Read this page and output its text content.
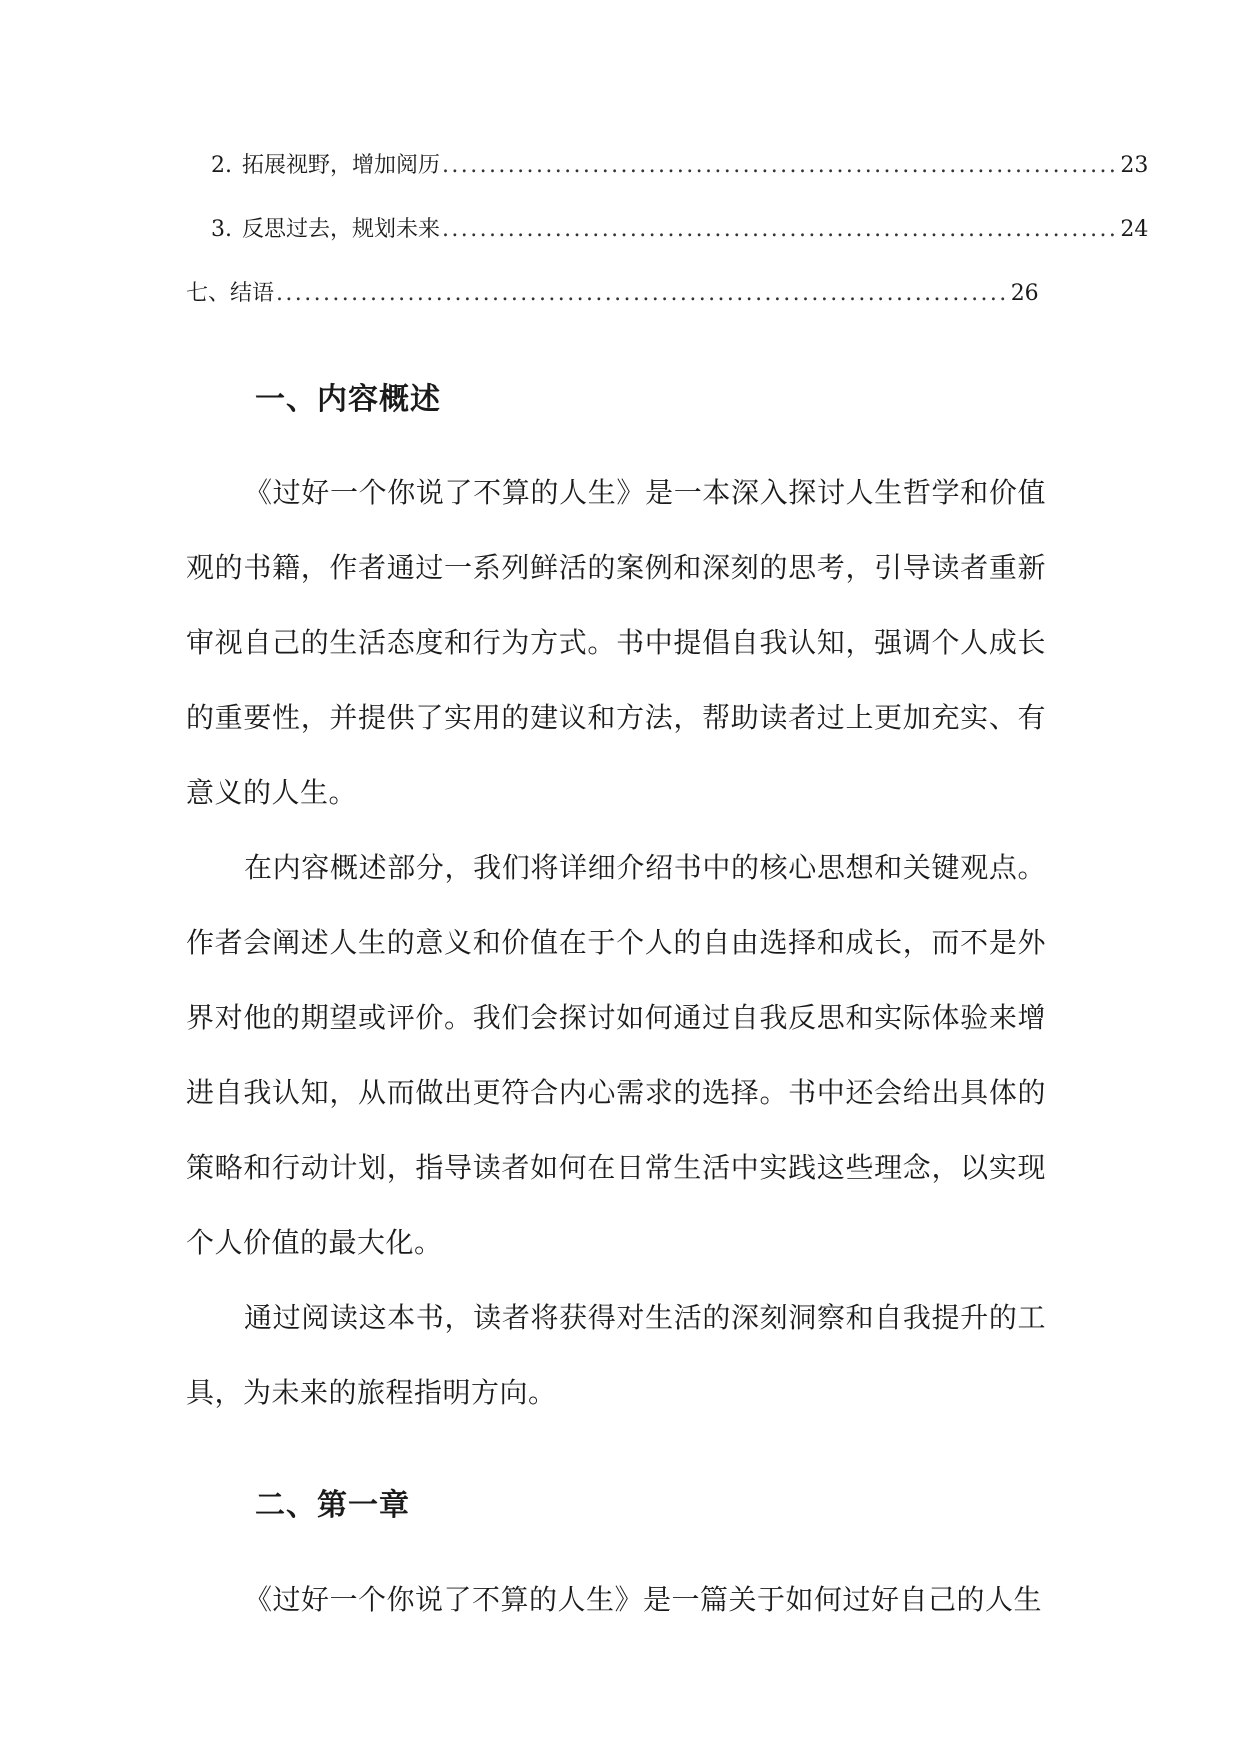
2. 拓展视野，增加阅历 ........................................................................ 23
3. 反思过去，规划未来 ........................................................................ 24
七、结语 .............................................................................. 26
一、内容概述

《过好一个你说了不算的人生》是一本深入探讨人生哲学和价值观的书籍，作者通过一系列鲜活的案例和深刻的思考，引导读者重新审视自己的生活态度和行为方式。书中提倡自我认知，强调个人成长的重要性，并提供了实用的建议和方法，帮助读者过上更加充实、有意义的人生。

在内容概述部分，我们将详细介绍书中的核心思想和关键观点。作者会阐述人生的意义和价值在于个人的自由选择和成长，而不是外界对他的期望或评价。我们会探讨如何通过自我反思和实际体验来增进自我认知，从而做出更符合内心需求的选择。书中还会给出具体的策略和行动计划，指导读者如何在日常生活中实践这些理念，以实现个人价值的最大化。

通过阅读这本书，读者将获得对生活的深刻洞察和自我提升的工具，为未来的旅程指明方向。

二、第一章

《过好一个你说了不算的人生》是一篇关于如何过好自己的人生
